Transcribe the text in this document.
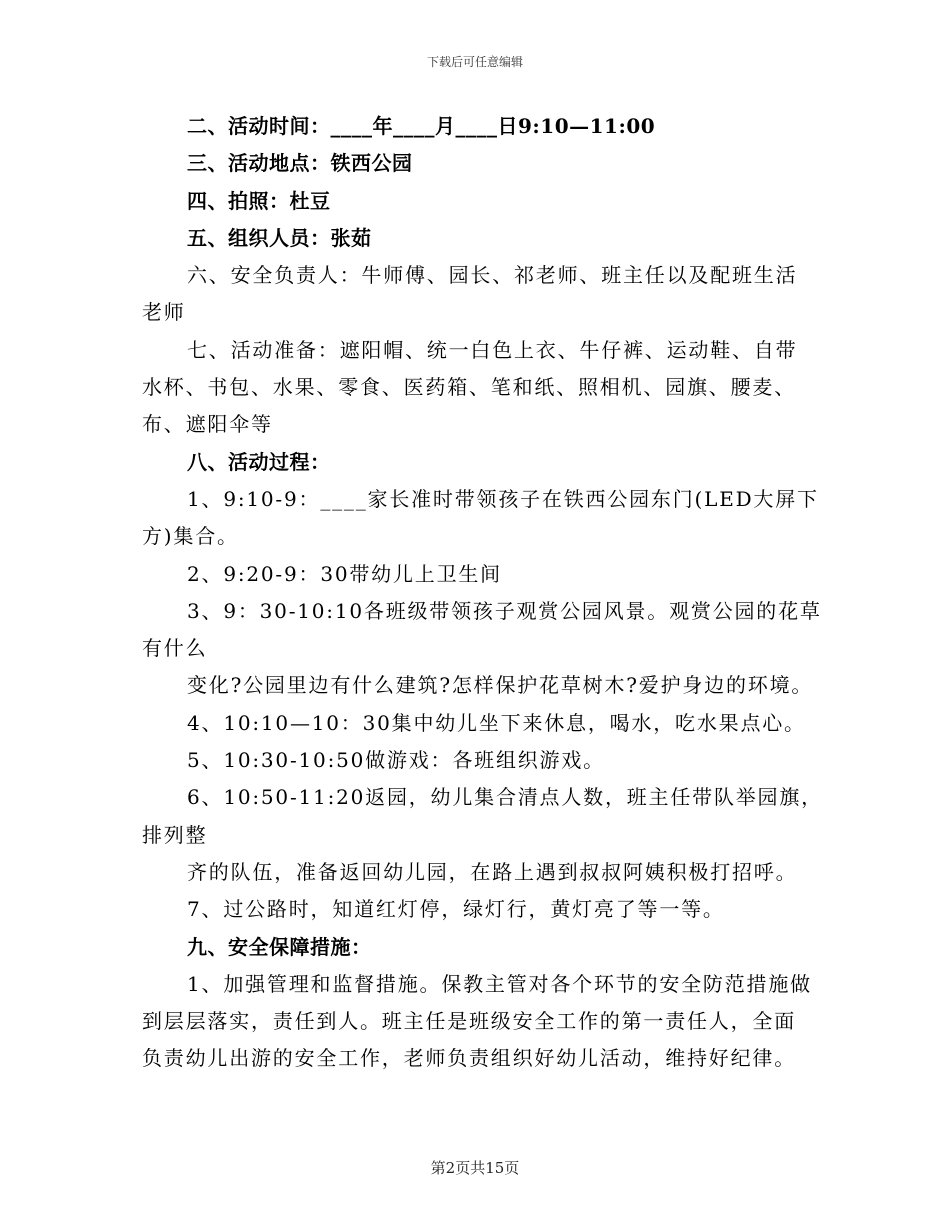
下载后可任意编辑
二、活动时间：____年____月____日9:10—11:00
三、活动地点：铁西公园
四、拍照：杜豆
五、组织人员：张茹
六、安全负责人：牛师傅、园长、祁老师、班主任以及配班生活
老师
七、活动准备：遮阳帽、统一白色上衣、牛仔裤、运动鞋、自带
水杯、书包、水果、零食、医药箱、笔和纸、照相机、园旗、腰麦、
布、遮阳伞等
八、活动过程：
1、9:10-9：____家长准时带领孩子在铁西公园东门(LED大屏下
方)集合。
2、9:20-9：30带幼儿上卫生间
3、9：30-10:10各班级带领孩子观赏公园风景。观赏公园的花草
有什么
变化?公园里边有什么建筑?怎样保护花草树木?爱护身边的环境。
4、10:10—10：30集中幼儿坐下来休息，喝水，吃水果点心。
5、10:30-10:50做游戏：各班组织游戏。
6、10:50-11:20返园，幼儿集合清点人数，班主任带队举园旗，
排列整
齐的队伍，准备返回幼儿园，在路上遇到叔叔阿姨积极打招呼。
7、过公路时，知道红灯停，绿灯行，黄灯亮了等一等。
九、安全保障措施：
1、加强管理和监督措施。保教主管对各个环节的安全防范措施做
到层层落实，责任到人。班主任是班级安全工作的第一责任人，全面
负责幼儿出游的安全工作，老师负责组织好幼儿活动，维持好纪律。
第2页共15页
